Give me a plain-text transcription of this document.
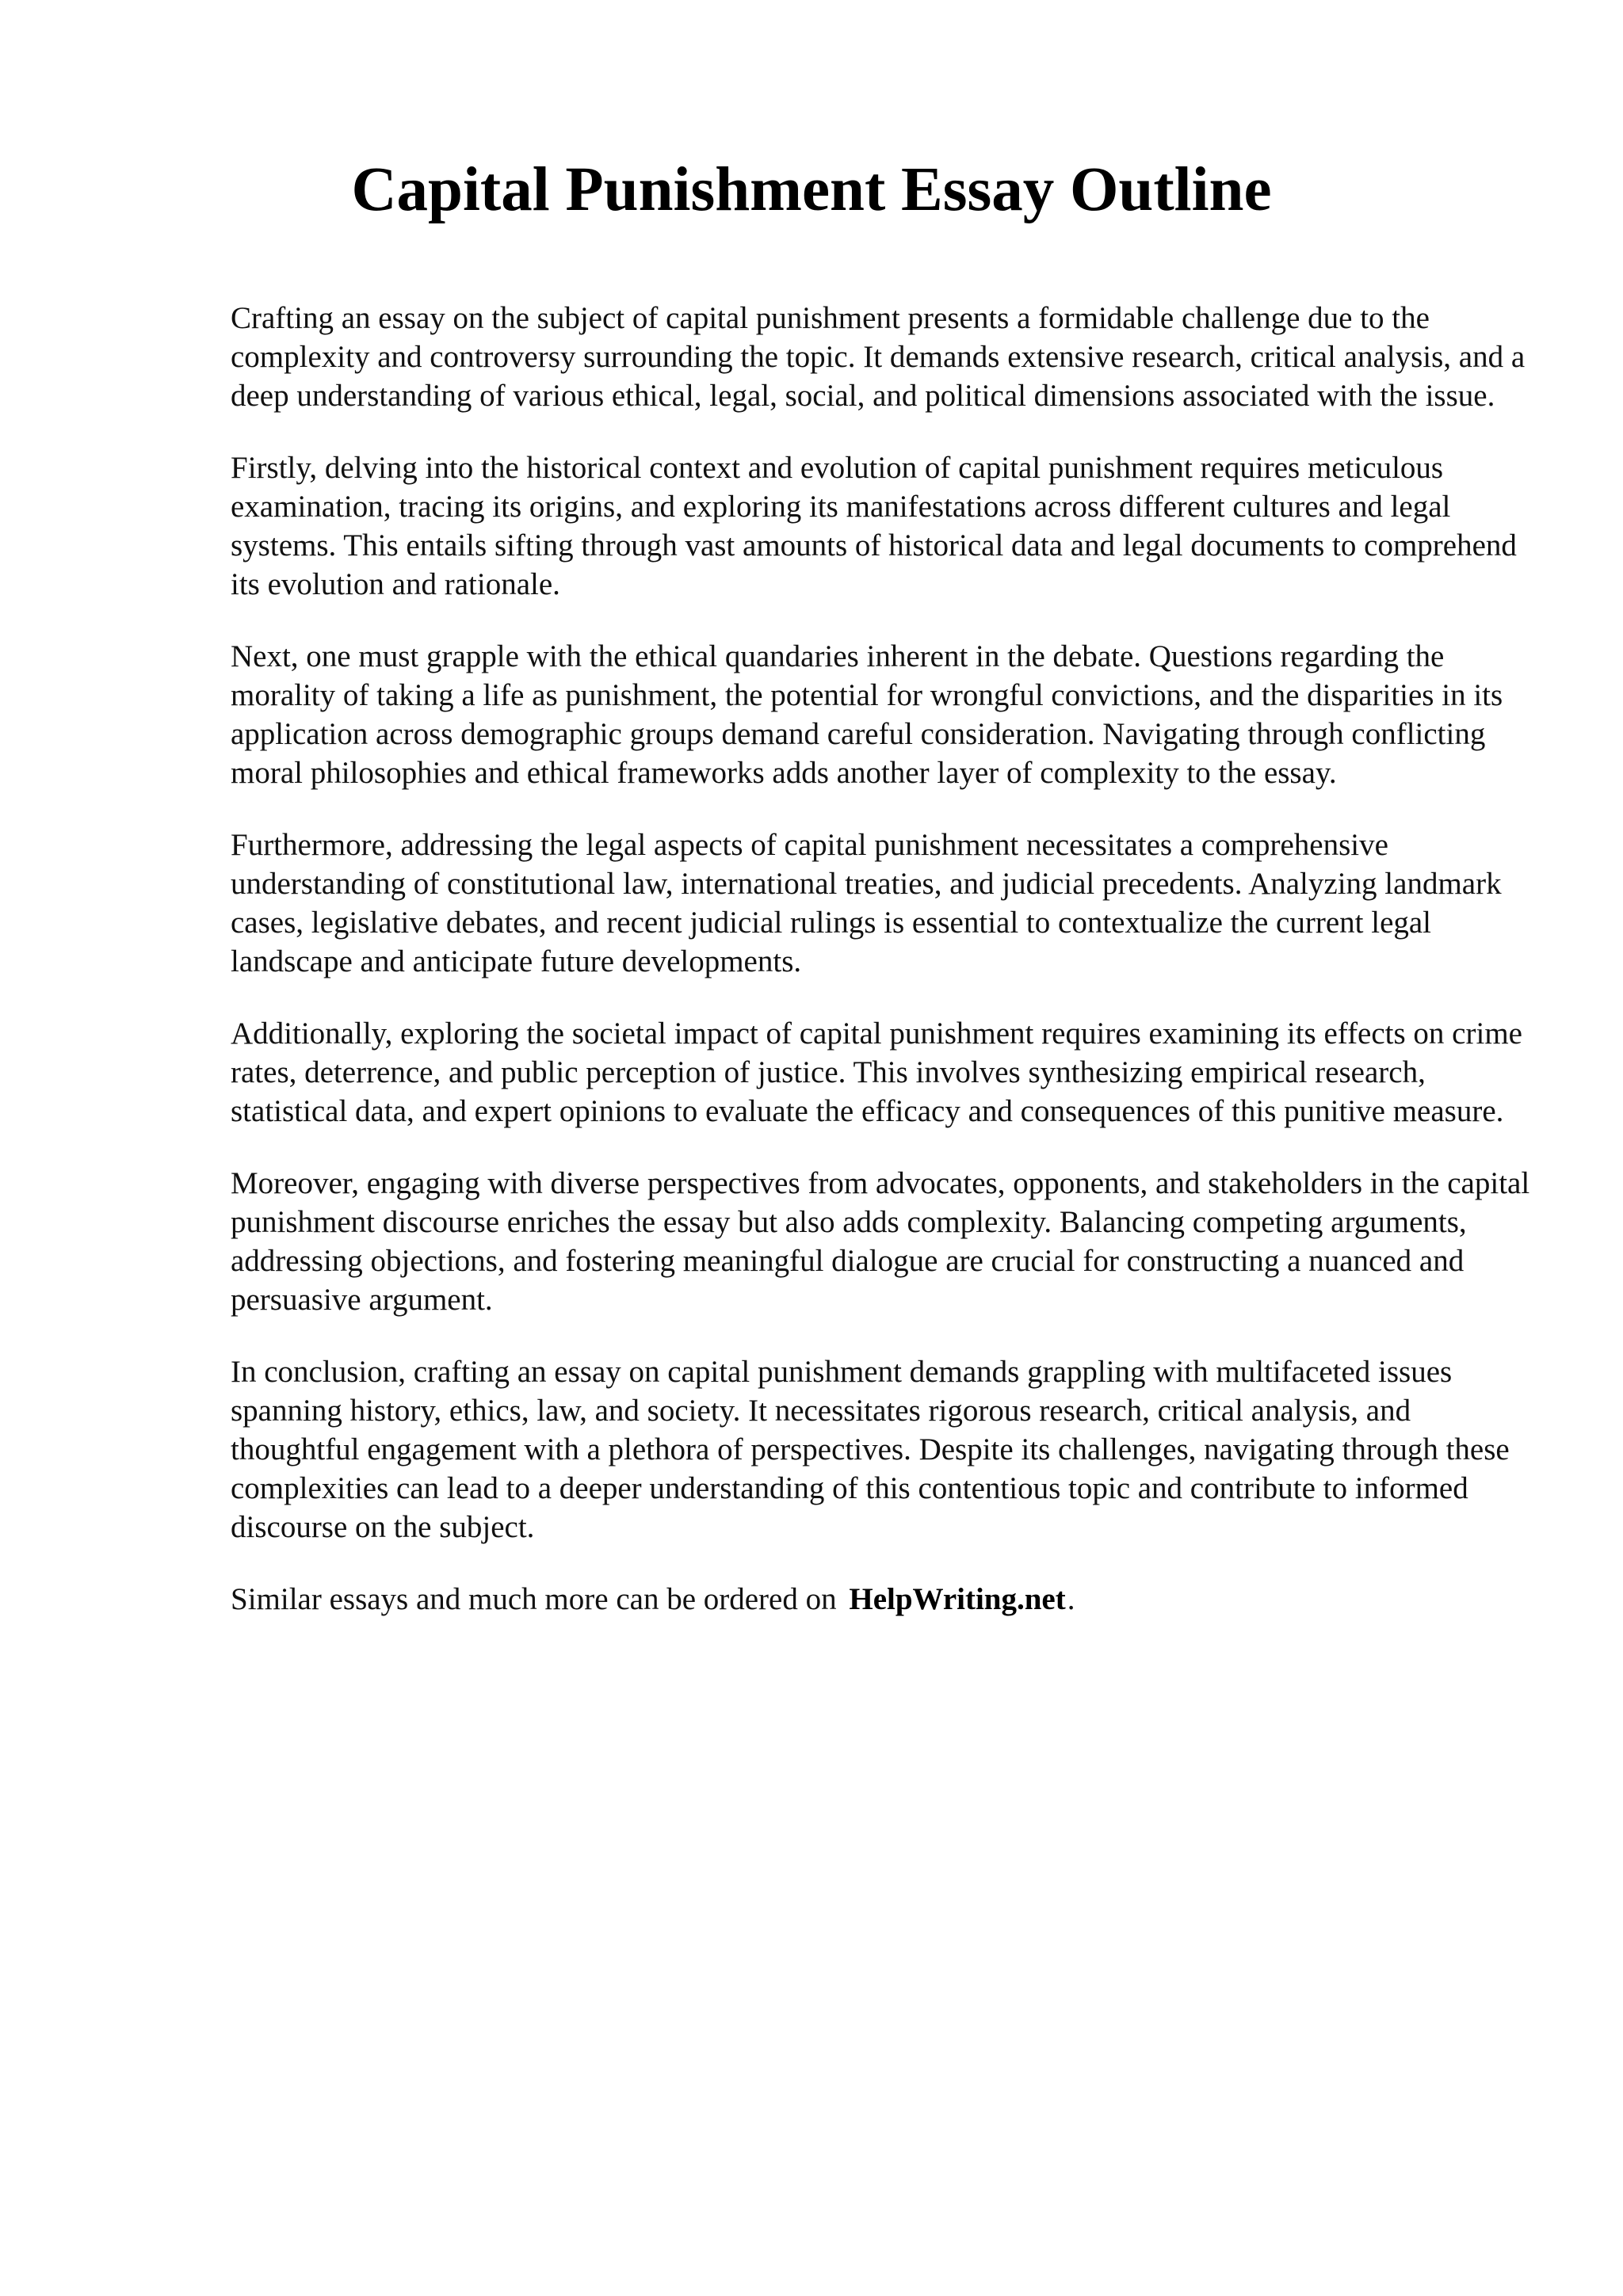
Capital Punishment Essay Outline

Crafting an essay on the subject of capital punishment presents a formidable challenge due to the complexity and controversy surrounding the topic. It demands extensive research, critical analysis, and a deep understanding of various ethical, legal, social, and political dimensions associated with the issue.

Firstly, delving into the historical context and evolution of capital punishment requires meticulous examination, tracing its origins, and exploring its manifestations across different cultures and legal systems. This entails sifting through vast amounts of historical data and legal documents to comprehend its evolution and rationale.

Next, one must grapple with the ethical quandaries inherent in the debate. Questions regarding the morality of taking a life as punishment, the potential for wrongful convictions, and the disparities in its application across demographic groups demand careful consideration. Navigating through conflicting moral philosophies and ethical frameworks adds another layer of complexity to the essay.

Furthermore, addressing the legal aspects of capital punishment necessitates a comprehensive understanding of constitutional law, international treaties, and judicial precedents. Analyzing landmark cases, legislative debates, and recent judicial rulings is essential to contextualize the current legal landscape and anticipate future developments.

Additionally, exploring the societal impact of capital punishment requires examining its effects on crime rates, deterrence, and public perception of justice. This involves synthesizing empirical research, statistical data, and expert opinions to evaluate the efficacy and consequences of this punitive measure.

Moreover, engaging with diverse perspectives from advocates, opponents, and stakeholders in the capital punishment discourse enriches the essay but also adds complexity. Balancing competing arguments, addressing objections, and fostering meaningful dialogue are crucial for constructing a nuanced and persuasive argument.

In conclusion, crafting an essay on capital punishment demands grappling with multifaceted issues spanning history, ethics, law, and society. It necessitates rigorous research, critical analysis, and thoughtful engagement with a plethora of perspectives. Despite its challenges, navigating through these complexities can lead to a deeper understanding of this contentious topic and contribute to informed discourse on the subject.

Similar essays and much more can be ordered on HelpWriting.net.
